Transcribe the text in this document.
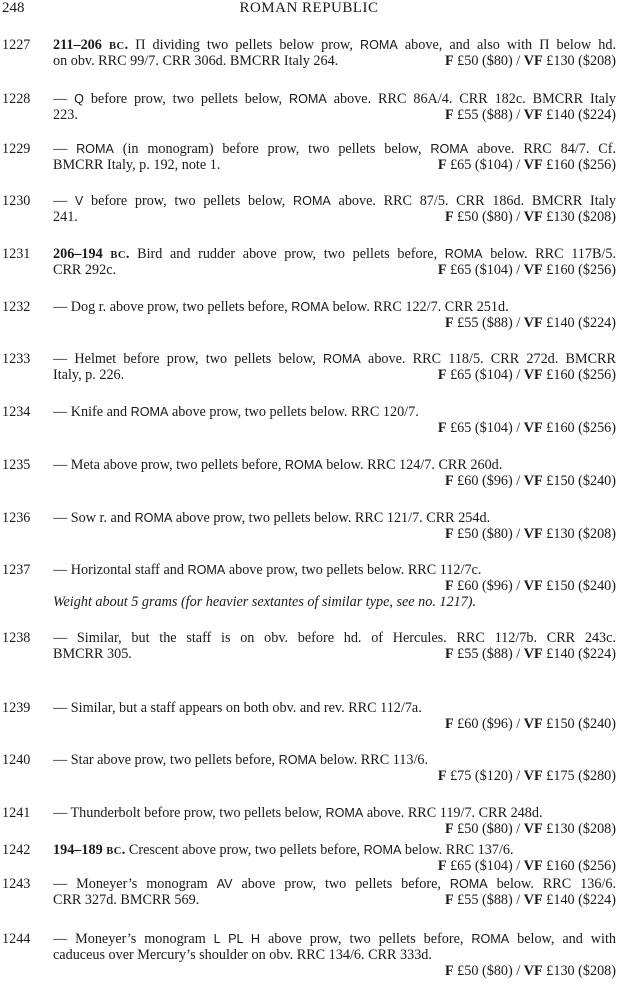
248	ROMAN REPUBLIC
1227 211–206 BC. Π dividing two pellets below prow, ROMA above, and also with Π below hd.
on obv. RRC 99/7. CRR 306d. BMCRR Italy 264.	F £50 ($80) / VF £130 ($208)
1228 — Q before prow, two pellets below, ROMA above. RRC 86A/4. CRR 182c. BMCRR Italy
223.	F £55 ($88) / VF £140 ($224)
1229 — ROMA (in monogram) before prow, two pellets below, ROMA above. RRC 84/7. Cf.
BMCRR Italy, p. 192, note 1.	F £65 ($104) / VF £160 ($256)
1230 — V before prow, two pellets below, ROMA above. RRC 87/5. CRR 186d. BMCRR Italy
241.	F £50 ($80) / VF £130 ($208)
1231 206–194 BC. Bird and rudder above prow, two pellets before, ROMA below. RRC 117B/5.
CRR 292c.	F £65 ($104) / VF £160 ($256)
1232 — Dog r. above prow, two pellets before, ROMA below. RRC 122/7. CRR 251d.
F £55 ($88) / VF £140 ($224)
1233 — Helmet before prow, two pellets below, ROMA above. RRC 118/5. CRR 272d. BMCRR
Italy, p. 226.	F £65 ($104) / VF £160 ($256)
1234 — Knife and ROMA above prow, two pellets below. RRC 120/7.
F £65 ($104) / VF £160 ($256)
1235 — Meta above prow, two pellets before, ROMA below. RRC 124/7. CRR 260d.
F £60 ($96) / VF £150 ($240)
1236 — Sow r. and ROMA above prow, two pellets below. RRC 121/7. CRR 254d.
F £50 ($80) / VF £130 ($208)
1237 — Horizontal staff and ROMA above prow, two pellets below. RRC 112/7c.
F £60 ($96) / VF £150 ($240)
Weight about 5 grams (for heavier sextantes of similar type, see no. 1217).
1238 — Similar, but the staff is on obv. before hd. of Hercules. RRC 112/7b. CRR 243c.
BMCRR 305.	F £55 ($88) / VF £140 ($224)
1239 — Similar, but a staff appears on both obv. and rev. RRC 112/7a.
F £60 ($96) / VF £150 ($240)
1240 — Star above prow, two pellets before, ROMA below. RRC 113/6.
F £75 ($120) / VF £175 ($280)
1241 — Thunderbolt before prow, two pellets below, ROMA above. RRC 119/7. CRR 248d.
F £50 ($80) / VF £130 ($208)
1242 194–189 BC. Crescent above prow, two pellets before, ROMA below. RRC 137/6.
F £65 ($104) / VF £160 ($256)
1243 — Moneyer’s monogram AV above prow, two pellets before, ROMA below. RRC 136/6.
CRR 327d. BMCRR 569.	F £55 ($88) / VF £140 ($224)
1244 — Moneyer’s monogram L PL H above prow, two pellets before, ROMA below, and with
caduceus over Mercury’s shoulder on obv. RRC 134/6. CRR 333d.
F £50 ($80) / VF £130 ($208)
